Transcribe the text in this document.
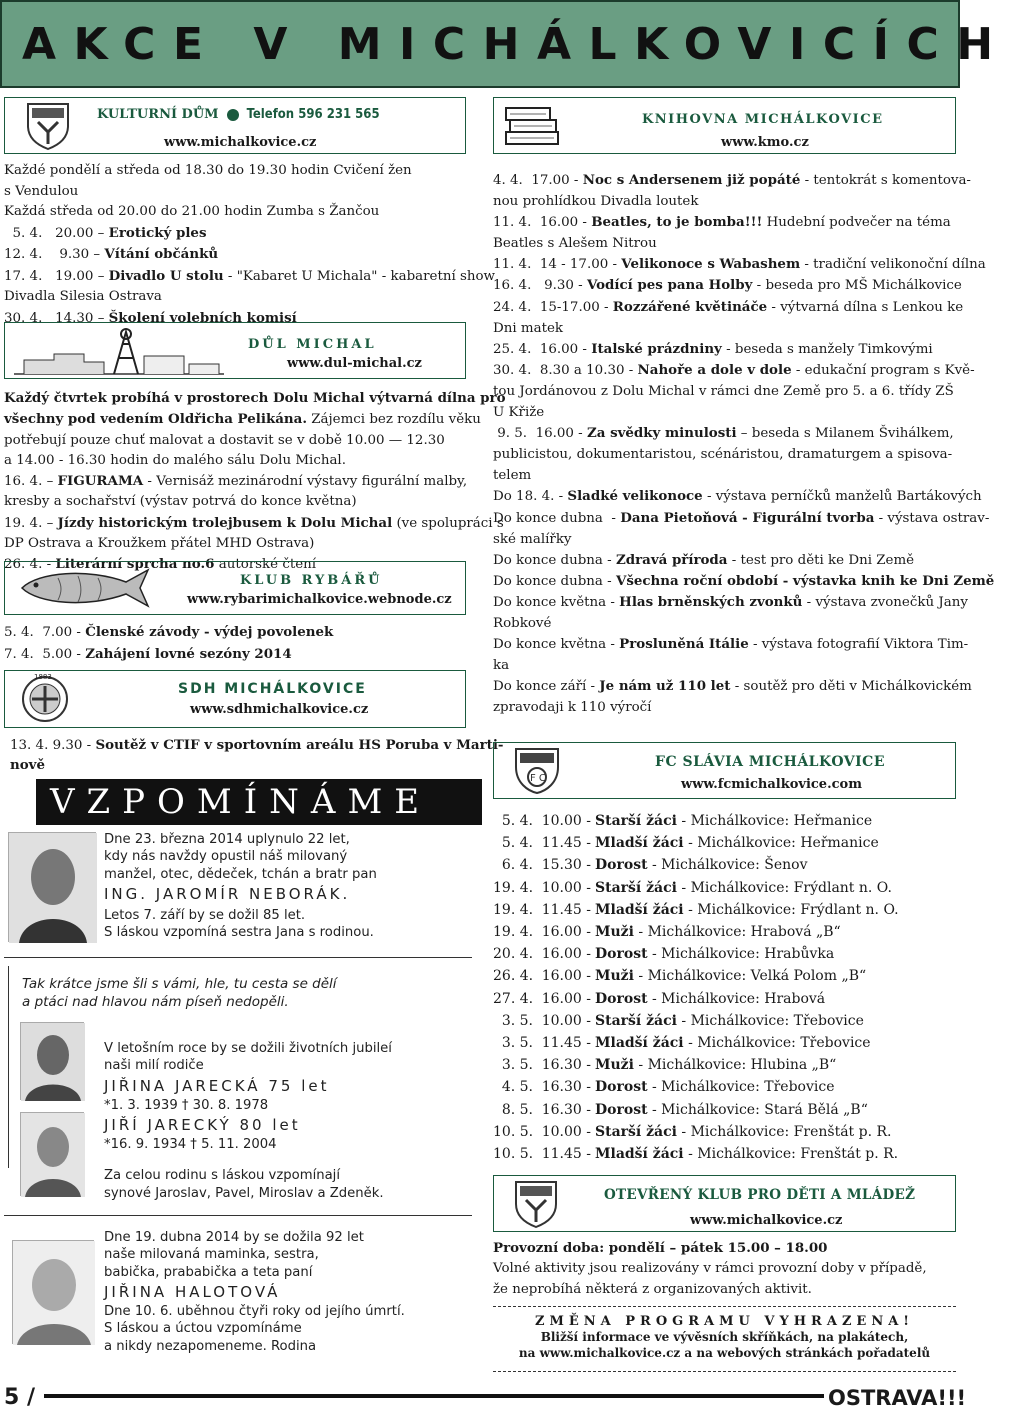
AKCE V MICHÁLKOVICÍCH
KULTURNÍ DŮM Telefon 596 231 565
www.michalkovice.cz

Každé pondělí a středa od 18.30 do 19.30 hodin Cvičení žen

s Vendulou

Každá středa od 20.00 do 21.00 hodin Zumba s Žančou

5. 4.   20.00 – Erotický ples

12. 4.    9.30 – Vítání občánků

17. 4.   19.00 – Divadlo U stolu - "Kabaret U Michala" - kabaretní show

Divadla Silesia Ostrava

30. 4.   14.30 – Školení volebních komisí

DŮL MICHAL
www.dul-michal.cz

Každý čtvrtek probíhá v prostorech Dolu Michal výtvarná dílna pro

všechny pod vedením Oldřicha Pelikána. Zájemci bez rozdílu věku

potřebují pouze chuť malovat a dostavit se v době 10.00 — 12.30

a 14.00 - 16.30 hodin do malého sálu Dolu Michal.

16. 4. – FIGURAMA - Vernisáž mezinárodní výstavy figurální malby,

kresby a sochařství (výstav potrvá do konce května)

19. 4. – Jízdy historickým trolejbusem k Dolu Michal (ve spolupráci s

DP Ostrava a Kroužkem přátel MHD Ostrava)

26. 4. - Literární sprcha no.6 autorské čtení

KLUB RYBÁŘŮ
www.rybarimichalkovice.webnode.cz

5. 4.  7.00 - Členské závody - výdej povolenek

7. 4.  5.00 - Zahájení lovné sezóny 2014

1883
SDH MICHÁLKOVICE
www.sdhmichalkovice.cz

13. 4. 9.30 - Soutěž v CTIF v sportovním areálu HS Poruba v Marti-

nově

VZPOMÍNÁME
Dne 23. března 2014 uplynulo 22 let,
kdy nás navždy opustil náš milovaný
manžel, otec, dědeček, tchán a bratr pan
ING. JAROMÍR NEBORÁK.
Letos 7. září by se dožil 85 let.
S láskou vzpomíná sestra Jana s rodinou.
Tak krátce jsme šli s vámi, hle, tu cesta se dělí
a ptáci nad hlavou nám píseň nedopěli.
V letošním roce by se dožili životních jubileí
naši milí rodiče
JIŘINA JARECKÁ 75 let
*1. 3. 1939 † 30. 8. 1978
JIŘÍ JARECKÝ 80 let
*16. 9. 1934 † 5. 11. 2004
Za celou rodinu s láskou vzpomínají
synové Jaroslav, Pavel, Miroslav a Zdeněk.
Dne 19. dubna 2014 by se dožila 92 let
naše milovaná maminka, sestra,
babička, prababička a teta paní
JIŘINA HALOTOVÁ
Dne 10. 6. uběhnou čtyři roky od jejího úmrtí.
S láskou a úctou vzpomínáme
a nikdy nezapomeneme. Rodina
KNIHOVNA MICHÁLKOVICE
www.kmo.cz

4. 4.  17.00 - Noc s Andersenem již popáté - tentokrát s komentova-

nou prohlídkou Divadla loutek

11. 4.  16.00 - Beatles, to je bomba!!! Hudební podvečer na téma

Beatles s Alešem Nitrou

11. 4.  14 - 17.00 - Velikonoce s Wabashem - tradiční velikonoční dílna

16. 4.   9.30 - Vodící pes pana Holby - beseda pro MŠ Michálkovice

24. 4.  15-17.00 - Rozzářené květináče - výtvarná dílna s Lenkou ke

Dni matek

25. 4.  16.00 - Italské prázdniny - beseda s manžely Timkovými

30. 4.  8.30 a 10.30 - Nahoře a dole v dole - edukační program s Kvě-

tou Jordánovou z Dolu Michal v rámci dne Země pro 5. a 6. třídy ZŠ

U Křiže

9. 5.  16.00 - Za svědky minulosti – beseda s Milanem Švihálkem,

publicistou, dokumentaristou, scénáristou, dramaturgem a spisova-

telem

Do 18. 4. - Sladké velikonoce - výstava perníčků manželů Bartákových

Do konce dubna  - Dana Pietoňová - Figurální tvorba - výstava ostrav-

ské malířky

Do konce dubna - Zdravá příroda - test pro děti ke Dni Země

Do konce dubna - Všechna roční období - výstavka knih ke Dni Země

Do konce května - Hlas brněnských zvonků - výstava zvonečků Jany

Robkové

Do konce května - Prosluněná Itálie - výstava fotografií Viktora Tim-

ka

Do konce září - Je nám už 110 let - soutěž pro děti v Michálkovickém

zpravodaji k 110 výročí

F C
FC SLÁVIA MICHÁLKOVICE
www.fcmichalkovice.com
5. 4. 10.00 - Starší žáci - Michálkovice: Heřmanice
5. 4. 11.45 - Mladší žáci - Michálkovice: Heřmanice
6. 4. 15.30 - Dorost - Michálkovice: Šenov
19. 4. 10.00 - Starší žáci - Michálkovice: Frýdlant n. O.
19. 4. 11.45 - Mladší žáci - Michálkovice: Frýdlant n. O.
19. 4. 16.00 - Muži - Michálkovice: Hrabová „B“
20. 4. 16.00 - Dorost - Michálkovice: Hrabůvka
26. 4. 16.00 - Muži - Michálkovice: Velká Polom „B“
27. 4. 16.00 - Dorost - Michálkovice: Hrabová
3. 5. 10.00 - Starší žáci - Michálkovice: Třebovice
3. 5. 11.45 - Mladší žáci - Michálkovice: Třebovice
3. 5. 16.30 - Muži - Michálkovice: Hlubina „B“
4. 5. 16.30 - Dorost - Michálkovice: Třebovice
8. 5. 16.30 - Dorost - Michálkovice: Stará Bělá „B“
10. 5. 10.00 - Starší žáci - Michálkovice: Frenštát p. R.
10. 5. 11.45 - Mladší žáci - Michálkovice: Frenštát p. R.
OTEVŘENÝ KLUB PRO DĚTI A MLÁDEŽ
www.michalkovice.cz
Provozní doba: pondělí – pátek 15.00 – 18.00
Volné aktivity jsou realizovány v rámci provozní doby v případě,
že neprobíhá některá z organizovaných aktivit.
ZMĚNA PROGRAMU VYHRAZENA!
Bližší informace ve vývěsních skříňkách, na plakátech,
na www.michalkovice.cz a na webových stránkách pořadatelů
5 /	OSTRAVA!!!
